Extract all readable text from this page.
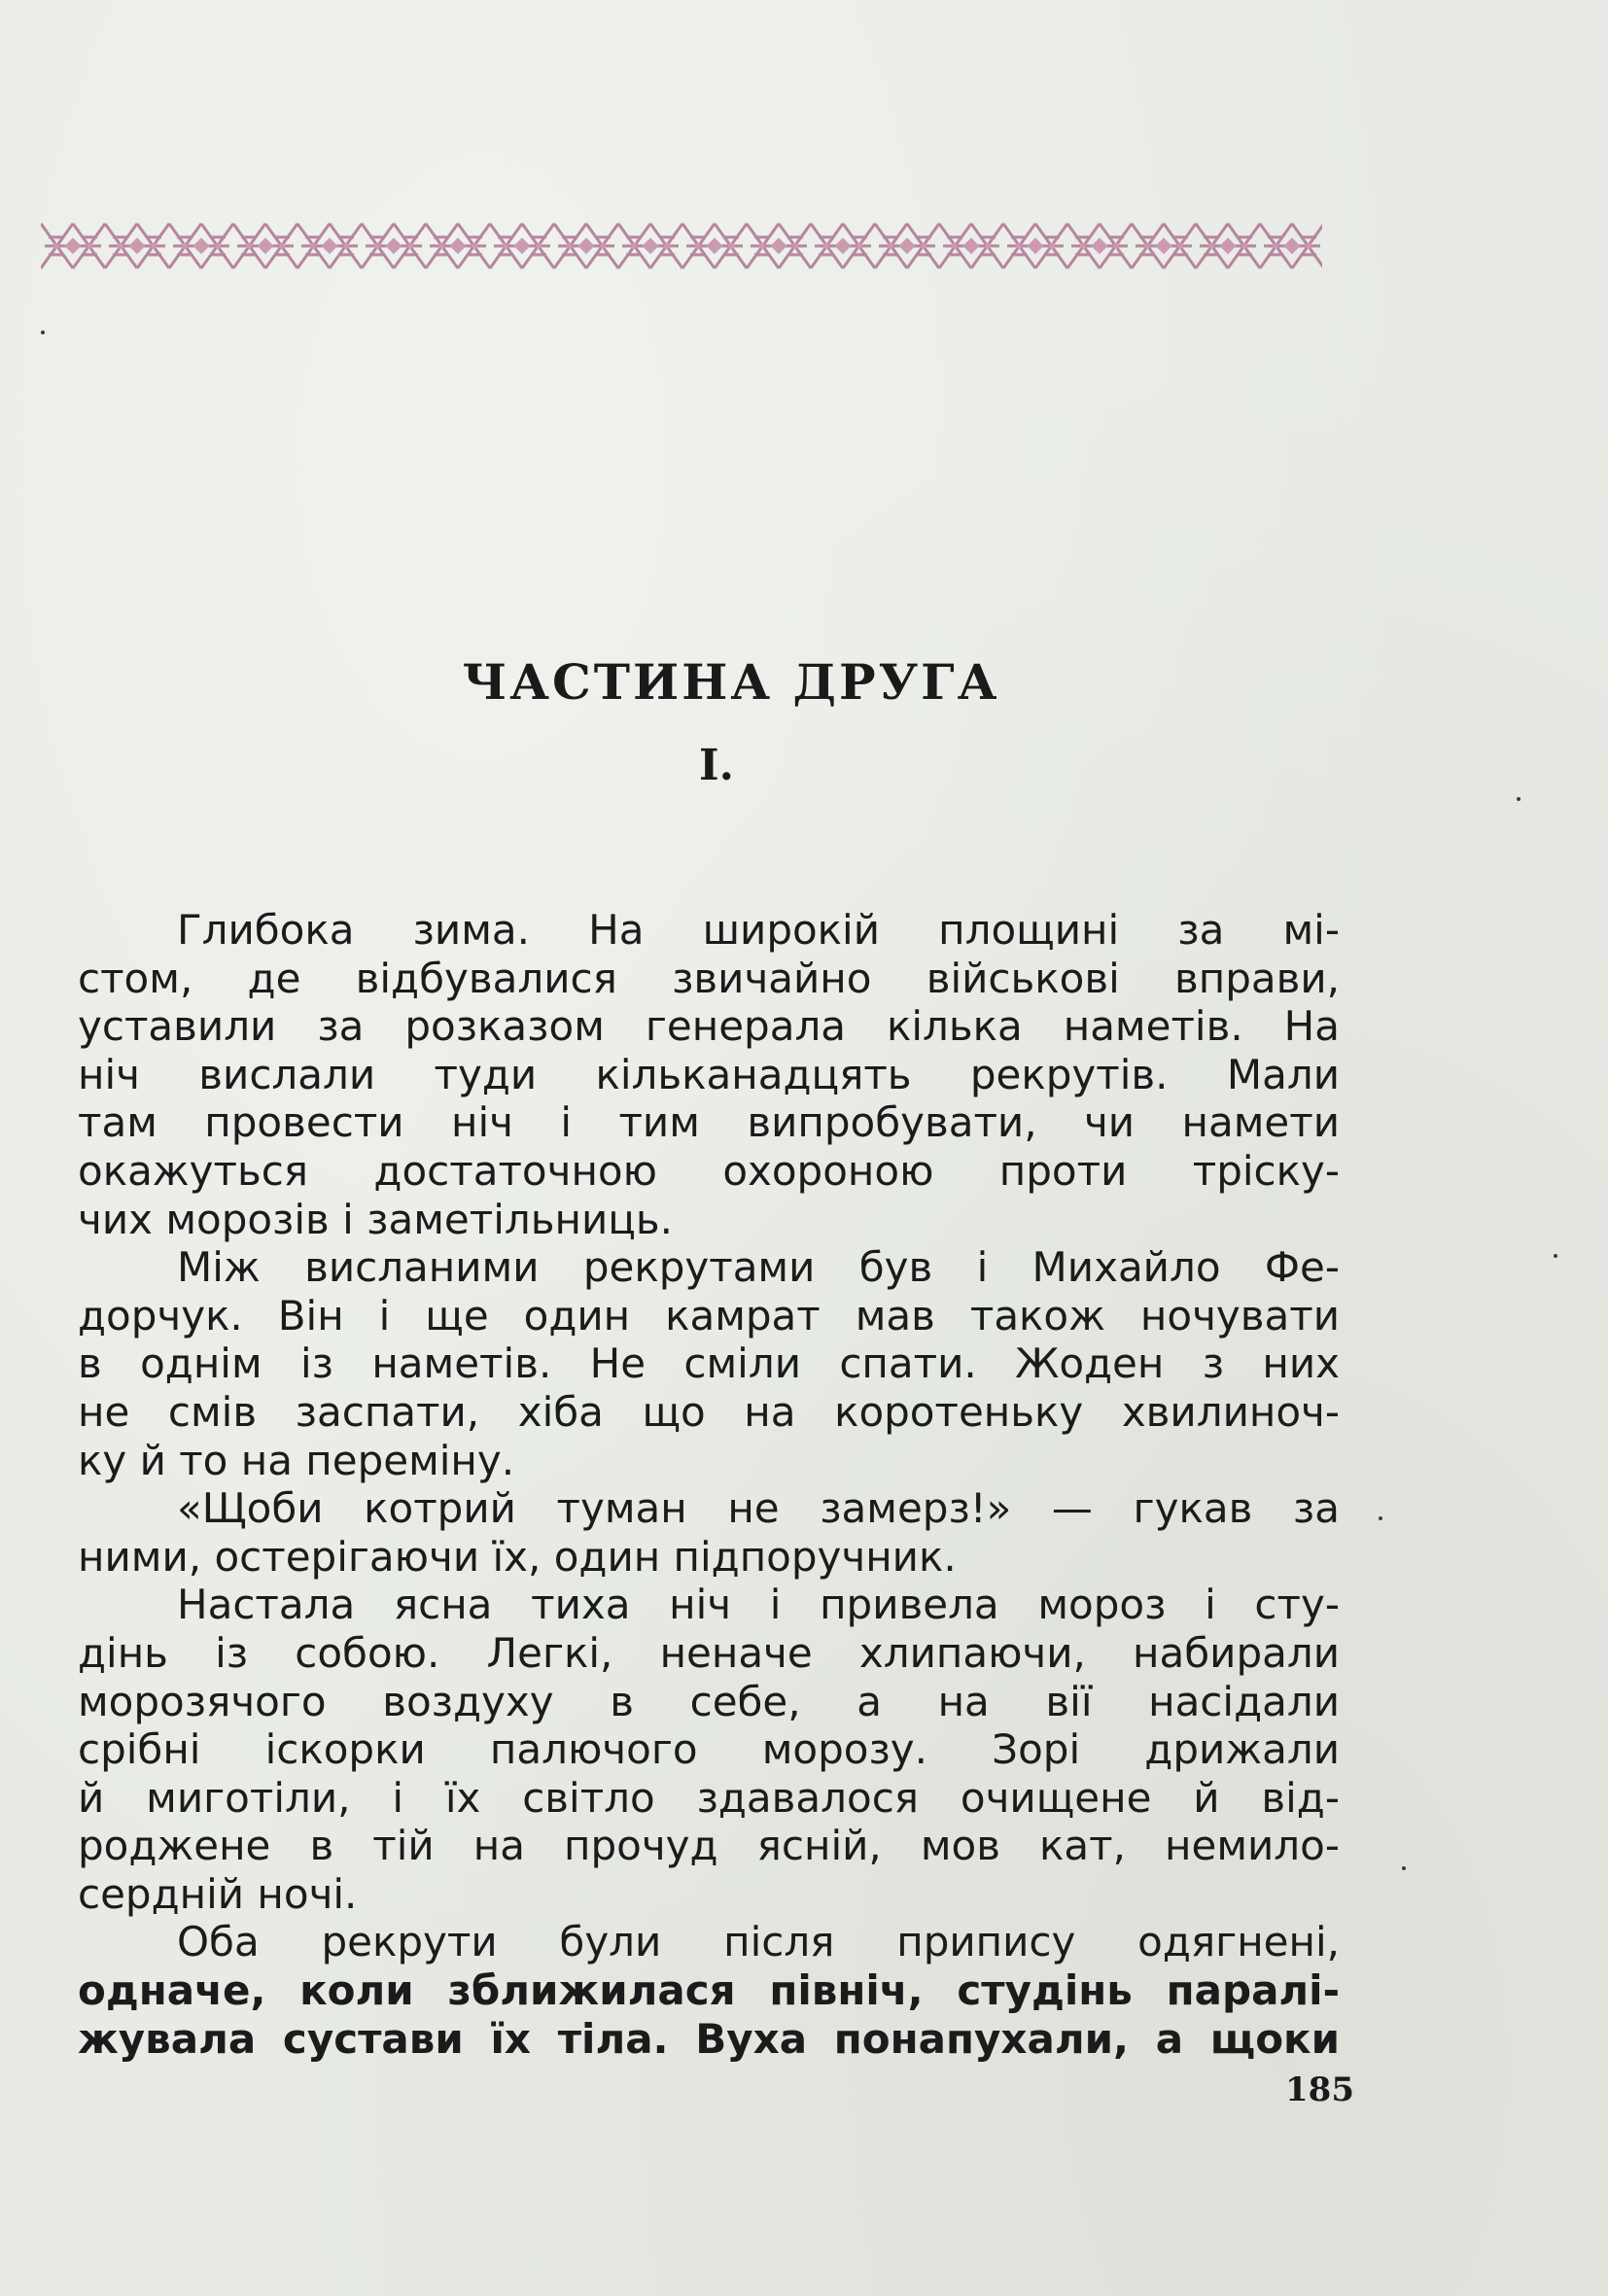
ЧАСТИНА ДРУГА
I.
Глибока зима. На широкій площині за мі-
стом, де відбувалися звичайно військові вправи,
уставили за розказом генерала кілька наметів. На
ніч вислали туди кільканадцять рекрутів. Мали
там провести ніч і тим випробувати, чи намети
окажуться достаточною охороною проти тріску-
чих морозів і заметільниць.
Між висланими рекрутами був і Михайло Фе-
дорчук. Він і ще один камрат мав також ночувати
в однім із наметів. Не сміли спати. Жоден з них
не смів заспати, хіба що на коротеньку хвилиноч-
ку й то на переміну.
«Щоби котрий туман не замерз!» — гукав за
ними, остерігаючи їх, один підпоручник.
Настала ясна тиха ніч і привела мороз і сту-
дінь із собою. Легкі, неначе хлипаючи, набирали
морозячого воздуху в себе, а на вії насідали
срібні іскорки палючого морозу. Зорі дрижали
й миготіли, і їх світло здавалося очищене й від-
роджене в тій на прочуд ясній, мов кат, немило-
сердній ночі.
Оба рекрути були після припису одягнені,
одначе, коли зближилася північ, студінь паралі-
жувала сустави їх тіла. Вуха понапухали, а щоки
185
